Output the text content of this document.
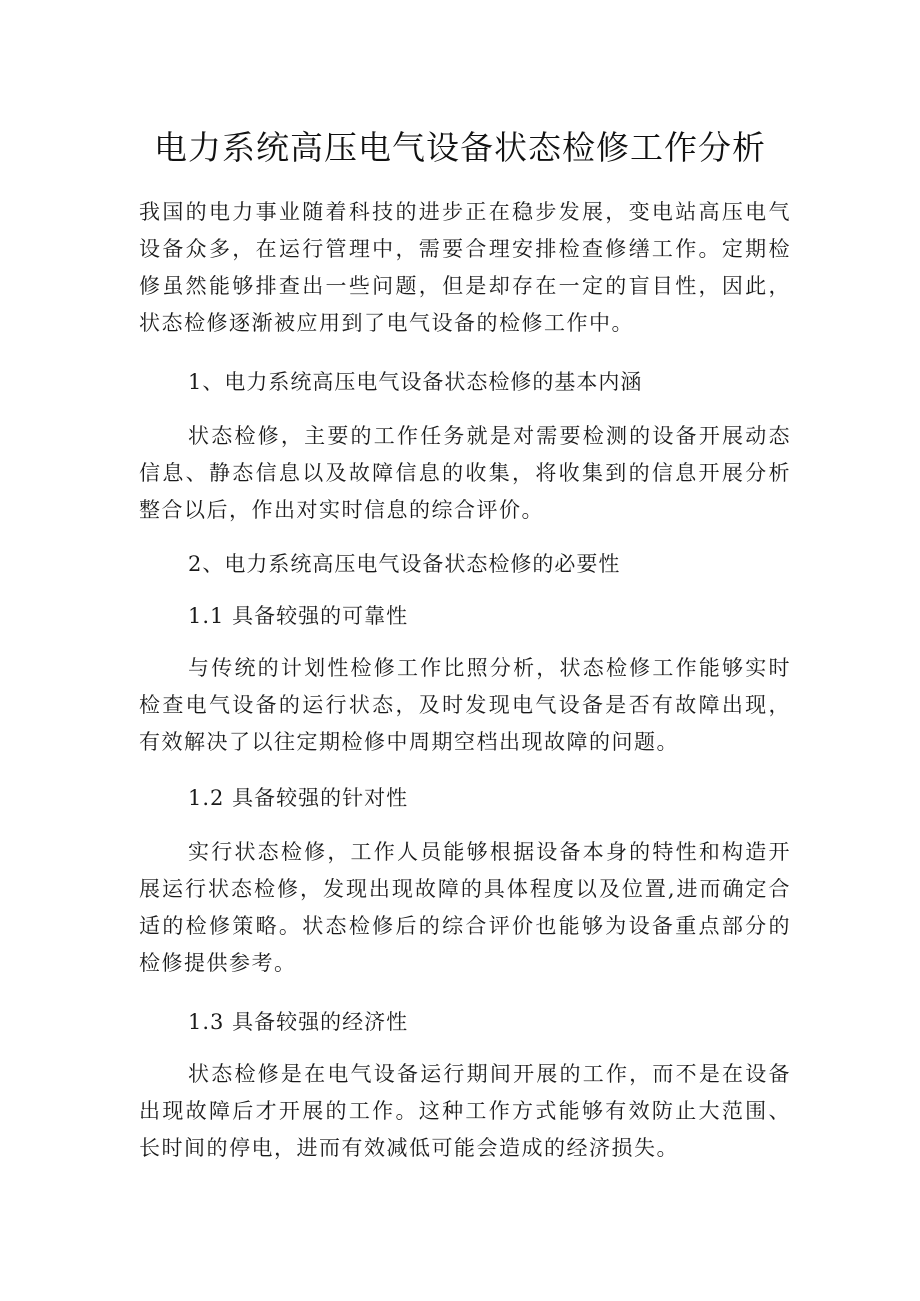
电力系统高压电气设备状态检修工作分析

我国的电力事业随着科技的进步正在稳步发展，变电站高压电气设备众多，在运行管理中，需要合理安排检查修缮工作。定期检修虽然能够排查出一些问题，但是却存在一定的盲目性，因此，状态检修逐渐被应用到了电气设备的检修工作中。

1、电力系统高压电气设备状态检修的基本内涵

状态检修，主要的工作任务就是对需要检测的设备开展动态信息、静态信息以及故障信息的收集，将收集到的信息开展分析整合以后，作出对实时信息的综合评价。

2、电力系统高压电气设备状态检修的必要性

1.1 具备较强的可靠性

与传统的计划性检修工作比照分析，状态检修工作能够实时检查电气设备的运行状态，及时发现电气设备是否有故障出现，有效解决了以往定期检修中周期空档出现故障的问题。

1.2 具备较强的针对性

实行状态检修，工作人员能够根据设备本身的特性和构造开展运行状态检修，发现出现故障的具体程度以及位置,进而确定合适的检修策略。状态检修后的综合评价也能够为设备重点部分的检修提供参考。

1.3 具备较强的经济性

状态检修是在电气设备运行期间开展的工作，而不是在设备出现故障后才开展的工作。这种工作方式能够有效防止大范围、长时间的停电，进而有效减低可能会造成的经济损失。
